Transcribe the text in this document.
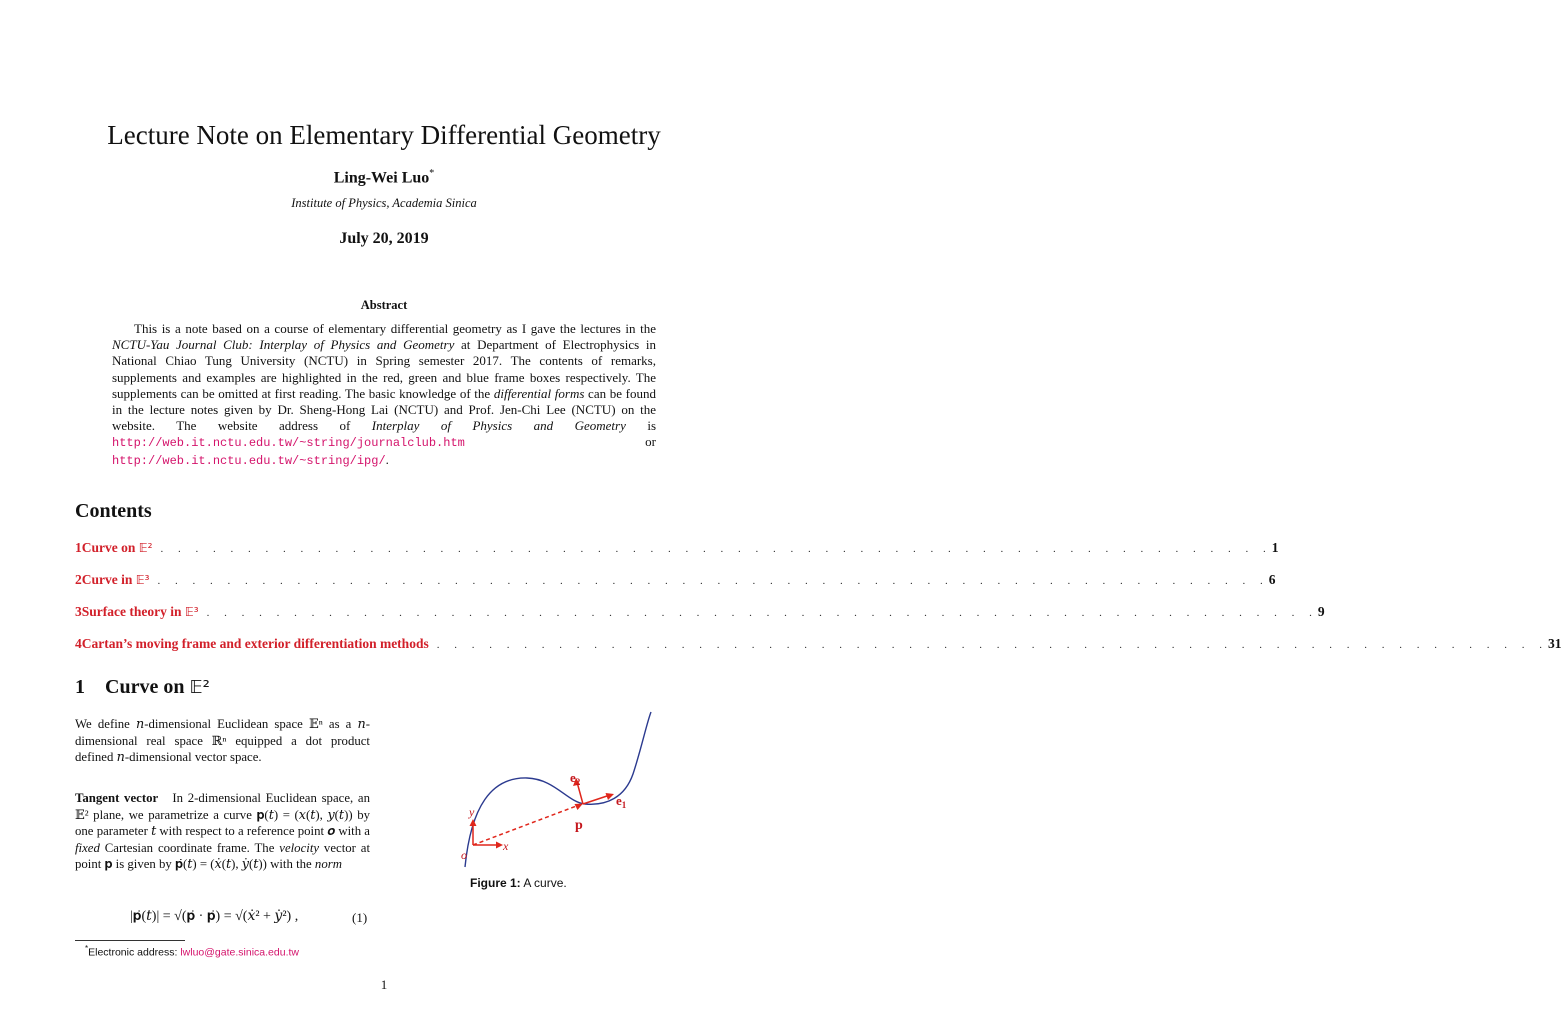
Lecture Note on Elementary Differential Geometry
Ling-Wei Luo*
Institute of Physics, Academia Sinica
July 20, 2019
Abstract

This is a note based on a course of elementary differential geometry as I gave the lectures in the NCTU-Yau Journal Club: Interplay of Physics and Geometry at Department of Electrophysics in National Chiao Tung University (NCTU) in Spring semester 2017. The contents of remarks, supplements and examples are highlighted in the red, green and blue frame boxes respectively. The supplements can be omitted at first reading. The basic knowledge of the differential forms can be found in the lecture notes given by Dr. Sheng-Hong Lai (NCTU) and Prof. Jen-Chi Lee (NCTU) on the website. The website address of Interplay of Physics and Geometry is http://web.it.nctu.edu.tw/~string/journalclub.htm or http://web.it.nctu.edu.tw/~string/ipg/.

Contents
1 Curve on 𝔼² . . . . . . . . . . . . . . . . . . . . . . . . . . . . . . . . . . . . . . . . . . . . . . . . . . . . . . . . . . . . . . . . 1
2 Curve in 𝔼³ . . . . . . . . . . . . . . . . . . . . . . . . . . . . . . . . . . . . . . . . . . . . . . . . . . . . . . . . . . . . . . . . 6
3 Surface theory in 𝔼³ . . . . . . . . . . . . . . . . . . . . . . . . . . . . . . . . . . . . . . . . . . . . . . . . . . . . . . . . . . . . . . . . 9
4 Cartan’s moving frame and exterior differentiation methods . . . . . . . . . . . . . . . . . . . . . . . . . . . . . . . . . . . . . . . . . . . . . . . . . . . . . . . . . . . . . . . . 31
1 Curve on 𝔼²

We define 𝑛-dimensional Euclidean space 𝔼ⁿ as a 𝑛-dimensional real space ℝⁿ equipped a dot product defined 𝑛-dimensional vector space.

Tangent vector In 2-dimensional Euclidean space, an 𝔼² plane, we parametrize a curve 𝐩(𝑡) = (𝑥(𝑡), 𝑦(𝑡)) by one parameter 𝑡 with respect to a reference point 𝒐 with a fixed Cartesian coordinate frame. The velocity vector at point 𝐩 is given by 𝐩̇(𝑡) = (𝑥̇(𝑡), 𝑦̇(𝑡)) with the norm

|𝐩̇(𝑡)| = √(𝐩̇ · 𝐩̇) = √(𝑥̇² + 𝑦̇²) ,	(1)
$e_2$
$e_1$
p
y
x
o
Figure 1: A curve.
*Electronic address: lwluo@gate.sinica.edu.tw
1
